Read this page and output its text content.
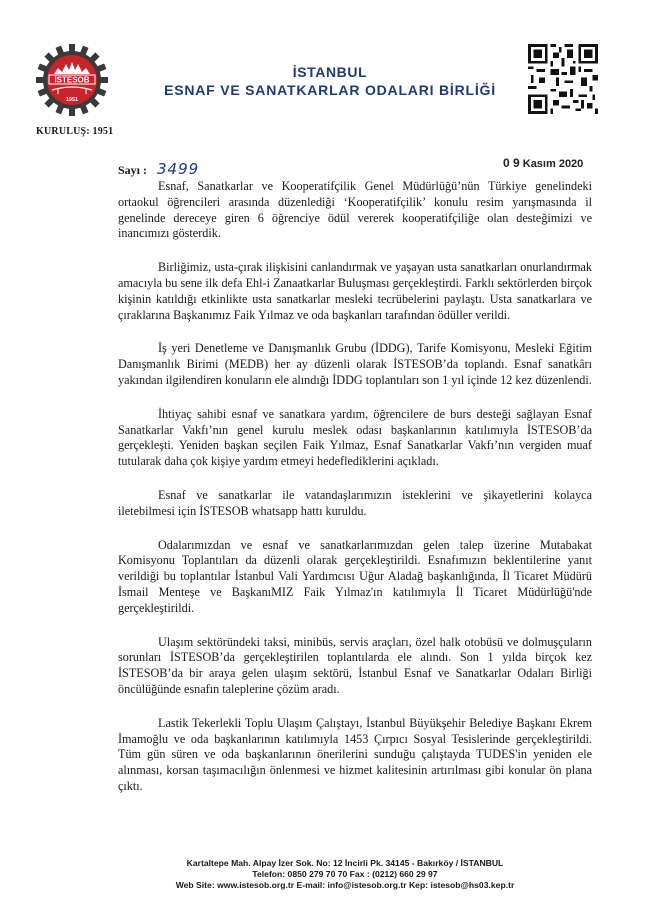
İSTESOB
1951
KURULUŞ: 1951
İSTANBUL
ESNAF VE SANATKARLAR ODALARI BİRLİĞİ
Sayı : 3499	0 9 Kasım 2020

Esnaf, Sanatkarlar ve Kooperatifçilik Genel Müdürlüğü’nün Türkiye genelindeki ortaokul öğrencileri arasında düzenlediği ‘Kooperatifçilik’ konulu resim yarışmasında il genelinde dereceye giren 6 öğrenciye ödül vererek kooperatifçiliğe olan desteğimizi ve inancımızı gösterdik.

Birliğimiz, usta-çırak ilişkisini canlandırmak ve yaşayan usta sanatkarları onurlandırmak amacıyla bu sene ilk defa Ehl-i Zanaatkarlar Buluşması gerçekleştirdi. Farklı sektörlerden birçok kişinin katıldığı etkinlikte usta sanatkarlar mesleki tecrübelerini paylaştı. Usta sanatkarlara ve çıraklarına Başkanımız Faik Yılmaz ve oda başkanları tarafından ödüller verildi.

İş yeri Denetleme ve Danışmanlık Grubu (İDDG), Tarife Komisyonu, Mesleki Eğitim Danışmanlık Birimi (MEDB) her ay düzenli olarak İSTESOB’da toplandı. Esnaf sanatkârı yakından ilgilendiren konuların ele alındığı İDDG toplantıları son 1 yıl içinde 12 kez düzenlendi.

İhtiyaç sahibi esnaf ve sanatkara yardım, öğrencilere de burs desteği sağlayan Esnaf Sanatkarlar Vakfı’nın genel kurulu meslek odası başkanlarının katılımıyla İSTESOB’da gerçekleşti. Yeniden başkan seçilen Faik Yılmaz, Esnaf Sanatkarlar Vakfı’nın vergiden muaf tutularak daha çok kişiye yardım etmeyi hedeflediklerini açıkladı.

Esnaf ve sanatkarlar ile vatandaşlarımızın isteklerini ve şikayetlerini kolayca iletebilmesi için İSTESOB whatsapp hattı kuruldu.

Odalarımızdan ve esnaf ve sanatkarlarımızdan gelen talep üzerine Mutabakat Komisyonu Toplantıları da düzenli olarak gerçekleştirildi. Esnafımızın beklentilerine yanıt verildiği bu toplantılar İstanbul Vali Yardımcısı Uğur Aladağ başkanlığında, İl Ticaret Müdürü İsmail Menteşe ve BaşkanıMIZ Faik Yılmaz'ın katılımıyla İl Ticaret Müdürlüğü'nde gerçekleştirildi.

Ulaşım sektöründeki taksi, minibüs, servis araçları, özel halk otobüsü ve dolmuşçuların sorunları İSTESOB’da gerçekleştirilen toplantılarda ele alındı. Son 1 yılda birçok kez İSTESOB’da bir araya gelen ulaşım sektörü, İstanbul Esnaf ve Sanatkarlar Odaları Birliği öncülüğünde esnafın taleplerine çözüm aradı.

Lastik Tekerlekli Toplu Ulaşım Çalıştayı, İstanbul Büyükşehir Belediye Başkanı Ekrem İmamoğlu ve oda başkanlarının katılımıyla 1453 Çırpıcı Sosyal Tesislerinde gerçekleştirildi. Tüm gün süren ve oda başkanlarının önerilerini sunduğu çalıştayda TUDES'in yeniden ele alınması, korsan taşımacılığın önlenmesi ve hizmet kalitesinin artırılması gibi konular ön plana çıktı.

Kartaltepe Mah. Alpay İzer Sok. No: 12 İncirli Pk. 34145 - Bakırköy / İSTANBUL
Telefon: 0850 279 70 70 Fax : (0212) 660 29 97
Web Site: www.istesob.org.tr E-mail: info@istesob.org.tr Kep: istesob@hs03.kep.tr
